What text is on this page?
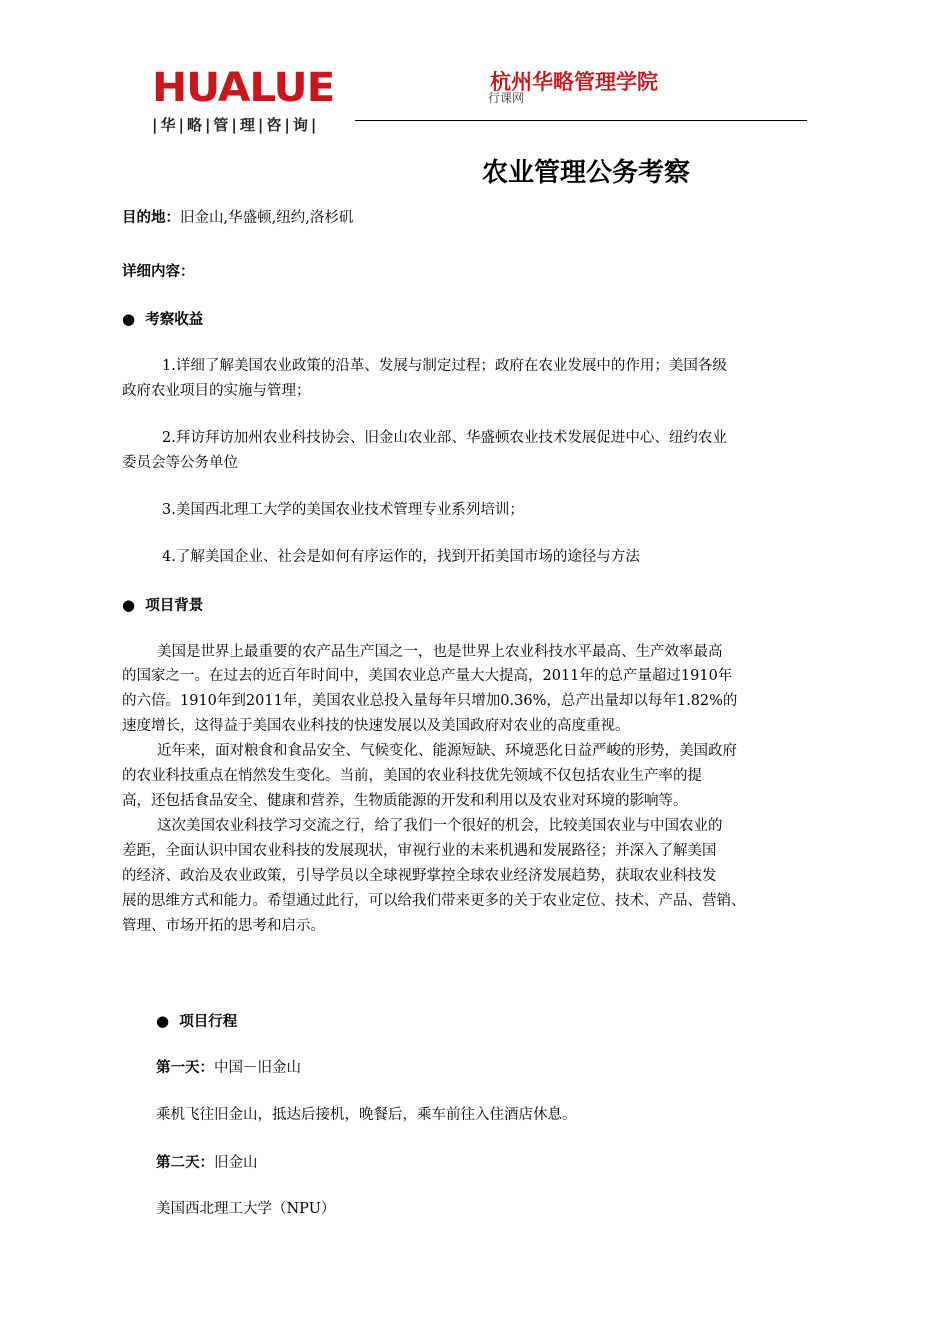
HUALUE
|华|略|管|理|咨|询|
杭州华略管理学院
行课网
农业管理公务考察
目的地：旧金山,华盛顿,纽约,洛杉矶
详细内容：
● 考察收益
1.详细了解美国农业政策的沿革、发展与制定过程；政府在农业发展中的作用；美国各级
政府农业项目的实施与管理；
2.拜访拜访加州农业科技协会、旧金山农业部、华盛顿农业技术发展促进中心、纽约农业
委员会等公务单位
3.美国西北理工大学的美国农业技术管理专业系列培训；
4.了解美国企业、社会是如何有序运作的，找到开拓美国市场的途径与方法
● 项目背景
美国是世界上最重要的农产品生产国之一，也是世界上农业科技水平最高、生产效率最高
的国家之一。在过去的近百年时间中，美国农业总产量大大提高，2011年的总产量超过1910年
的六倍。1910年到2011年，美国农业总投入量每年只增加0.36%，总产出量却以每年1.82%的
速度增长，这得益于美国农业科技的快速发展以及美国政府对农业的高度重视。
近年来，面对粮食和食品安全、气候变化、能源短缺、环境恶化日益严峻的形势，美国政府
的农业科技重点在悄然发生变化。当前，美国的农业科技优先领域不仅包括农业生产率的提
高，还包括食品安全、健康和营养，生物质能源的开发和利用以及农业对环境的影响等。
这次美国农业科技学习交流之行，给了我们一个很好的机会，比较美国农业与中国农业的
差距，全面认识中国农业科技的发展现状，审视行业的未来机遇和发展路径；并深入了解美国
的经济、政治及农业政策，引导学员以全球视野掌控全球农业经济发展趋势，获取农业科技发
展的思维方式和能力。希望通过此行，可以给我们带来更多的关于农业定位、技术、产品、营销、
管理、市场开拓的思考和启示。
● 项目行程
第一天：中国－旧金山
乘机飞往旧金山，抵达后接机，晚餐后，乘车前往入住酒店休息。
第二天：旧金山
美国西北理工大学（NPU）
